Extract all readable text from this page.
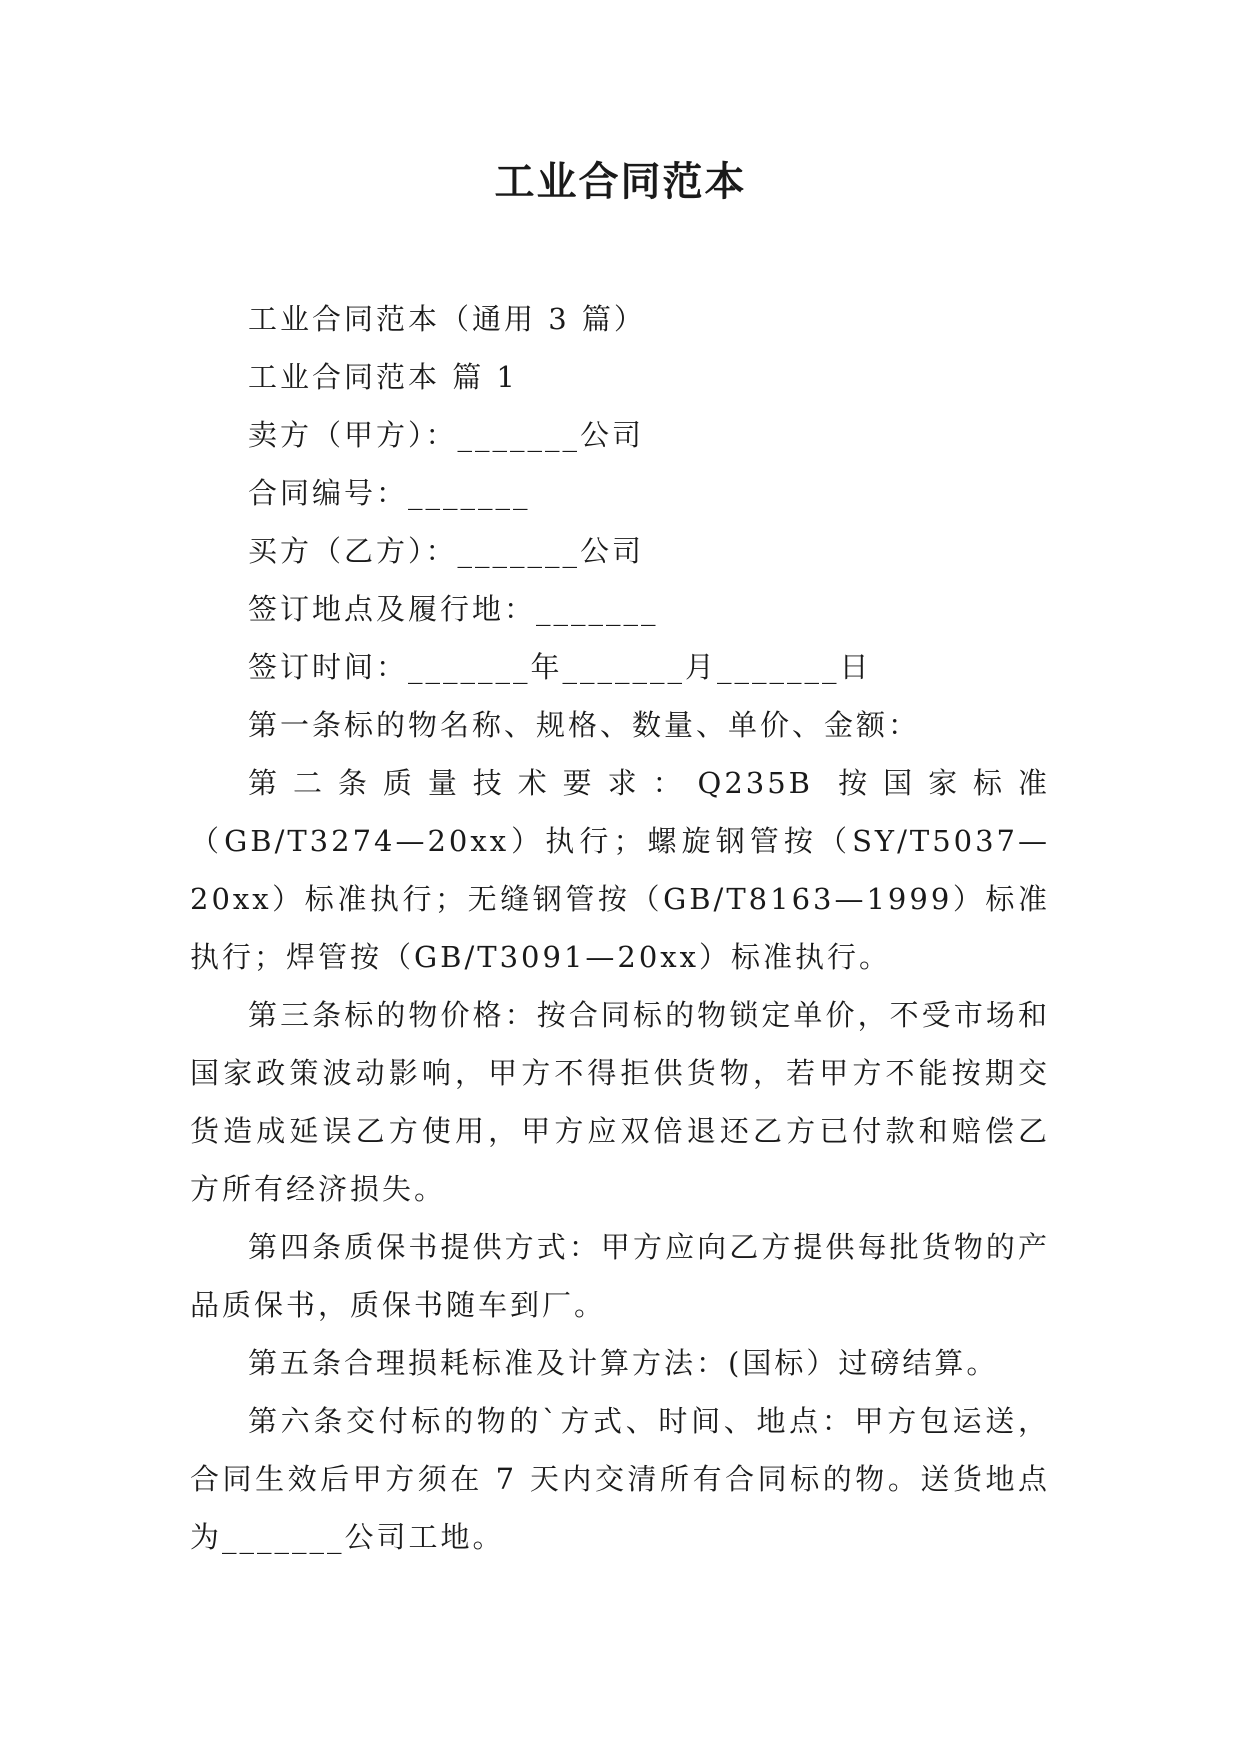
工业合同范本

工业合同范本（通用 3 篇）

工业合同范本 篇 1

卖方（甲方）：_______公司

合同编号：_______

买方（乙方）：_______公司

签订地点及履行地：_______

签订时间：_______年_______月_______日

第一条标的物名称、规格、数量、单价、金额：

第二条质量技术要求：Q235B 按国家标准（GB/T3274—20xx）执行；螺旋钢管按（SY/T5037—20xx）标准执行；无缝钢管按（GB/T8163—1999）标准执行；焊管按（GB/T3091—20xx）标准执行。

第三条标的物价格：按合同标的物锁定单价，不受市场和国家政策波动影响，甲方不得拒供货物，若甲方不能按期交货造成延误乙方使用，甲方应双倍退还乙方已付款和赔偿乙方所有经济损失。

第四条质保书提供方式：甲方应向乙方提供每批货物的产品质保书，质保书随车到厂。

第五条合理损耗标准及计算方法：(国标）过磅结算。

第六条交付标的物的`方式、时间、地点：甲方包运送，合同生效后甲方须在 7 天内交清所有合同标的物。送货地点为_______公司工地。
